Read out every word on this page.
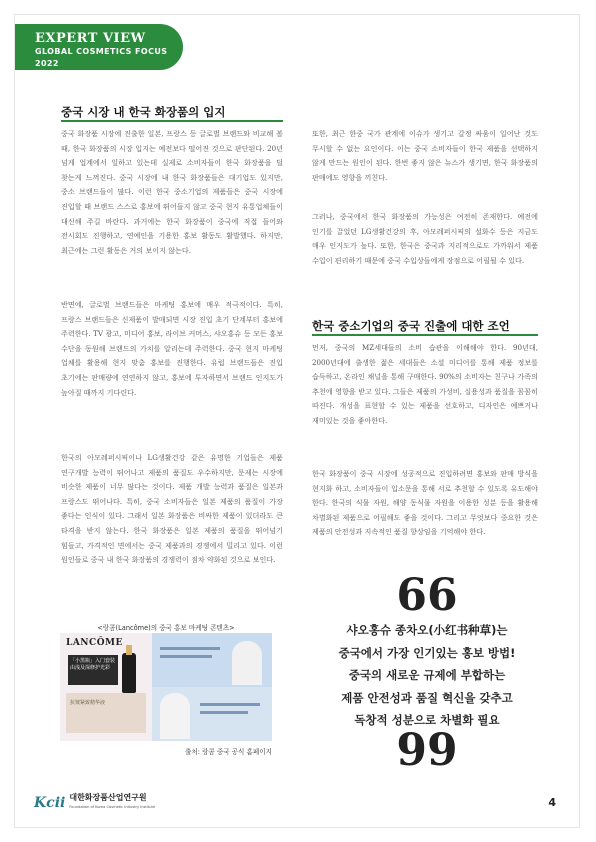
EXPERT VIEW
GLOBAL COSMETICS FOCUS 2022
중국 시장 내 한국 화장품의 입지

중국 화장품 시장에 진출한 일본, 프랑스 등 글로벌 브랜드와 비교해 볼 때, 한국 화장품의 시장 입지는 예전보다 떨어진 것으로 판단된다. 20년 넘게 업계에서 일하고 있는데 실제로 소비자들이 한국 화장품을 덜 찾는게 느껴진다. 중국 시장에 내 한국 화장품들은 대기업도 있지만, 중소 브랜드들이 많다. 이런 한국 중소기업의 제품들은 중국 시장에 진입할 때 브랜드 스스로 홍보에 뛰어들지 않고 중국 현지 유통업체들이 대신해 주길 바란다. 과거에는 한국 화장품이 중국에 직접 들어와 전시회도 진행하고, 연예인을 기용한 홍보 활동도 활발했다. 하지만, 최근에는 그런 활동은 거의 보이지 않는다.

반면에, 글로벌 브랜드들은 마케팅 홍보에 매우 적극적이다. 특히, 프랑스 브랜드들은 신제품이 발매되면 시장 진입 초기 단계부터 홍보에 주력한다. TV 광고, 미디어 홍보, 라이브 커머스, 샤오홍슈 등 모든 홍보 수단을 동원해 브랜드의 가치를 알리는데 주력한다. 중국 현지 마케팅 업체를 활용해 현지 맞춤 홍보를 진행한다. 유럽 브랜드들은 진입 초기에는 판매량에 연연하지 않고, 홍보에 투자하면서 브랜드 인지도가 높아질 때까지 기다린다.

한국의 아모레퍼시픽이나 LG생활건강 같은 유명한 기업들은 제품 연구개발 능력이 뛰어나고 제품의 품질도 우수하지만, 문제는 시장에 비슷한 제품이 너무 많다는 것이다. 제품 개발 능력과 품질은 일본과 프랑스도 뛰어나다. 특히, 중국 소비자들은 일본 제품의 품질이 가장 좋다는 인식이 있다. 그래서 일본 화장품은 비싸한 제품이 있더라도 큰 타격을 받지 않는다. 한국 화장품은 일본 제품의 품질을 뛰어넘기 힘들고, 가격적인 면에서는 중국 제품과의 경쟁에서 밀리고 있다. 이런 원인들로 중국 내 한국 화장품의 경쟁력이 점차 약화된 것으로 보인다.

<랑콤(Lancôme)의 중국 홍보 마케팅 콘텐츠>

LANCÔME
「小黑瓶」入门套装
由浅及深修护光彩
抗皱紧致精华液

출처: 랑콤 중국 공식 홈페이지

또한, 최근 한중 국가 관계에 이슈가 생기고 갈정 싸움이 일어난 것도 무시할 수 없는 요인이다. 이는 중국 소비자들이 한국 제품을 선택하지 않게 만드는 원인이 된다. 한번 좋지 않은 뉴스가 생기면, 한국 화장품의 판매에도 영향을 끼친다.

그러나, 중국에서 한국 화장품의 가능성은 여전히 존재한다. 예전에 인기를 끌었던 LG생활건강의 후, 아모레퍼시픽의 설화수 등은 지금도 매우 인지도가 높다. 또한, 한국은 중국과 지리적으로도 가까워서 제품 수입이 편리하기 때문에 중국 수입상들에게 장점으로 어필될 수 있다.

한국 중소기업의 중국 진출에 대한 조언

먼저, 중국의 MZ세대들의 소비 습관을 이해해야 한다. 90년대, 2000년대에 출생한 젊은 세대들은 소셜 미디어를 통해 제품 정보를 습득하고, 온라인 채널을 통해 구매한다. 90%의 소비자는 친구나 가족의 추천에 영향을 받고 있다. 그들은 제품의 가성비, 실용성과 품질을 꼼꼼히 따진다. 개성을 표현할 수 있는 제품을 선호하고, 디자인은 예쁘거나 재미있는 것을 좋아한다.

한국 화장품이 중국 시장에 성공적으로 진입하려면 홍보와 판매 방식을 현지화 하고, 소비자들이 입소문을 통해 서로 추천할 수 있도록 유도해야 한다. 한국의 식물 자원, 해양 동식물 자원을 이용한 성분 등을 활용해 차별화된 제품으로 어필해도 좋을 것이다. 그리고 무엇보다 중요한 것은 제품의 안전성과 지속적인 품질 향상임을 기억해야 한다.

66
샤오홍슈 종차오(小红书种草)는
중국에서 가장 인기있는 홍보 방법!
중국의 새로운 규제에 부합하는
제품 안전성과 품질 혁신을 갖추고
독창적 성분으로 차별화 필요
99
Kcii 대한화장품산업연구원
Foundation of Korea Cosmetic Industry Institute	4
